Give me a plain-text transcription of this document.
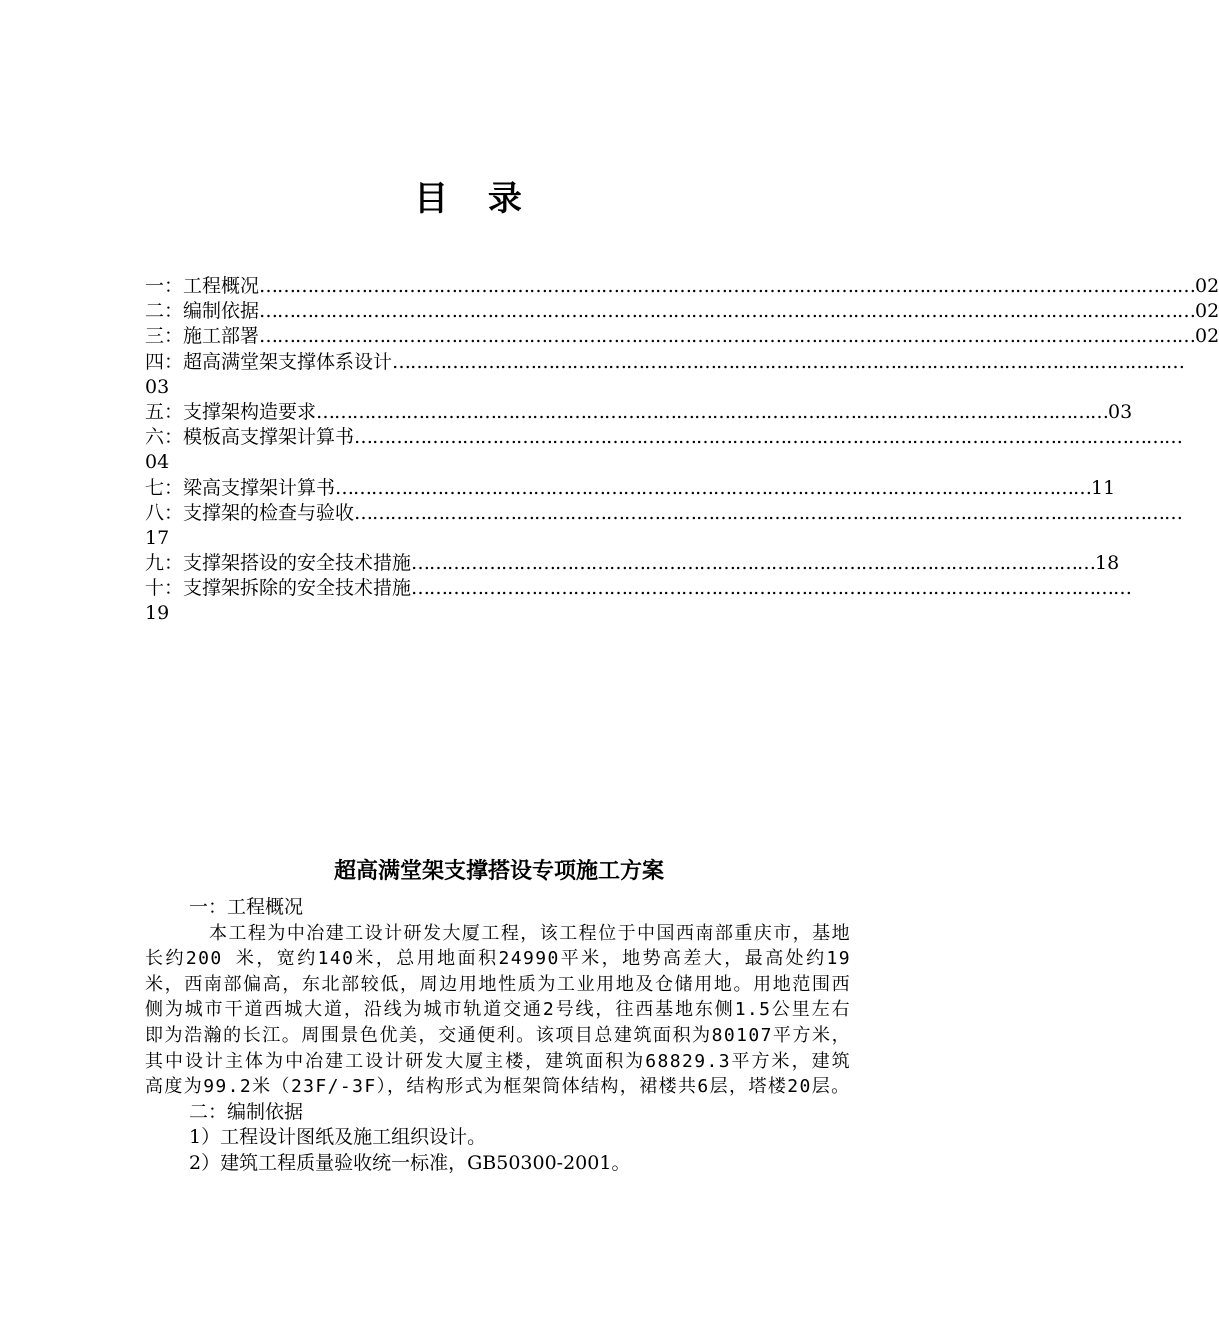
目 录
一：工程概况 ………………………………………………………………………………………………………………………………………… 02
二：编制依据 ………………………………………………………………………………………………………………………………………… 02
三：施工部署 ………………………………………………………………………………………………………………………………………… 02
四：超高满堂架支撑体系设计 ……………………………………………………………………………………………………………………
03
五：支撑架构造要求 …………………………………………………………………………………………………………………… 03
六：模板高支撑架计算书 …………………………………………………………………………………………………………………………
04
七：梁高支撑架计算书 ……………………………………………………………………………………………………………… 11
八：支撑架的检查与验收 …………………………………………………………………………………………………………………………
17
九：支撑架搭设的安全技术措施 …………………………………………………………………………………………………… 18
十：支撑架拆除的安全技术措施 …………………………………………………………………………………………………………
19
超高满堂架支撑搭设专项施工方案
一：工程概况
本工程为中冶建工设计研发大厦工程，该工程位于中国西南部重庆市，基地长约200 米，宽约140米，总用地面积24990平米，地势高差大，最高处约19米，西南部偏高，东北部较低，周边用地性质为工业用地及仓储用地。用地范围西侧为城市干道西城大道，沿线为城市轨道交通2号线，往西基地东侧1.5公里左右即为浩瀚的长江。周围景色优美，交通便利。该项目总建筑面积为80107平方米，其中设计主体为中冶建工设计研发大厦主楼，建筑面积为68829.3平方米，建筑高度为99.2米（23F/-3F），结构形式为框架筒体结构，裙楼共6层，塔楼20层。
二：编制依据
1）工程设计图纸及施工组织设计。
2）建筑工程质量验收统一标准，GB50300-2001。
